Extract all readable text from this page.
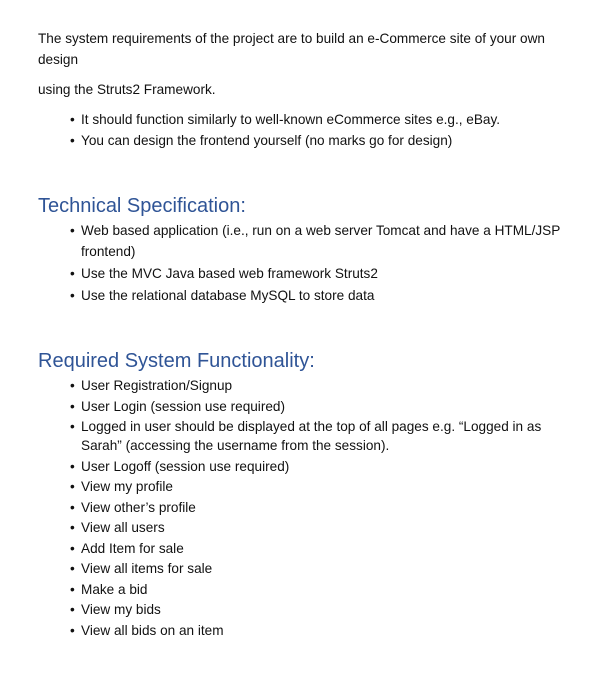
The system requirements of the project are to build an e-Commerce site of your own design

using the Struts2 Framework.

• It should function similarly to well-known eCommerce sites e.g., eBay.
• You can design the frontend yourself (no marks go for design)
Technical Specification:
• Web based application (i.e., run on a web server Tomcat and have a HTML/JSP frontend)
• Use the MVC Java based web framework Struts2
• Use the relational database MySQL to store data
Required System Functionality:
• User Registration/Signup
• User Login (session use required)
• Logged in user should be displayed at the top of all pages e.g. “Logged in as Sarah” (accessing the username from the session).
• User Logoff (session use required)
• View my profile
• View other’s profile
• View all users
• Add Item for sale
• View all items for sale
• Make a bid
• View my bids
• View all bids on an item
